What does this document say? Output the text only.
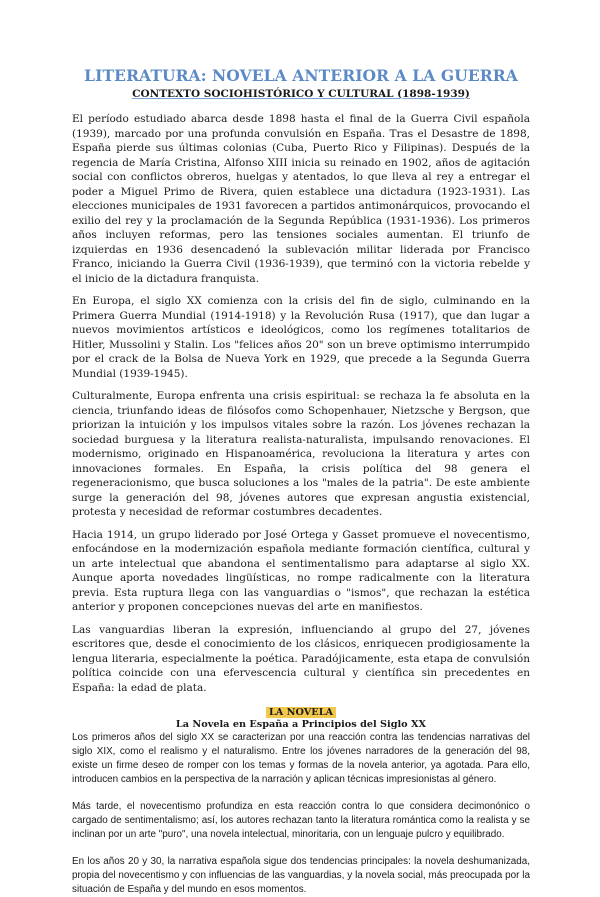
LITERATURA: NOVELA ANTERIOR A LA GUERRA
CONTEXTO SOCIOHISTÓRICO Y CULTURAL (1898-1939)

El período estudiado abarca desde 1898 hasta el final de la Guerra Civil española (1939), marcado por una profunda convulsión en España. Tras el Desastre de 1898, España pierde sus últimas colonias (Cuba, Puerto Rico y Filipinas). Después de la regencia de María Cristina, Alfonso XIII inicia su reinado en 1902, años de agitación social con conflictos obreros, huelgas y atentados, lo que lleva al rey a entregar el poder a Miguel Primo de Rivera, quien establece una dictadura (1923-1931). Las elecciones municipales de 1931 favorecen a partidos antimonárquicos, provocando el exilio del rey y la proclamación de la Segunda República (1931-1936). Los primeros años incluyen reformas, pero las tensiones sociales aumentan. El triunfo de izquierdas en 1936 desencadenó la sublevación militar liderada por Francisco Franco, iniciando la Guerra Civil (1936-1939), que terminó con la victoria rebelde y el inicio de la dictadura franquista.

En Europa, el siglo XX comienza con la crisis del fin de siglo, culminando en la Primera Guerra Mundial (1914-1918) y la Revolución Rusa (1917), que dan lugar a nuevos movimientos artísticos e ideológicos, como los regímenes totalitarios de Hitler, Mussolini y Stalin. Los "felices años 20" son un breve optimismo interrumpido por el crack de la Bolsa de Nueva York en 1929, que precede a la Segunda Guerra Mundial (1939-1945).

Culturalmente, Europa enfrenta una crisis espiritual: se rechaza la fe absoluta en la ciencia, triunfando ideas de filósofos como Schopenhauer, Nietzsche y Bergson, que priorizan la intuición y los impulsos vitales sobre la razón. Los jóvenes rechazan la sociedad burguesa y la literatura realista-naturalista, impulsando renovaciones. El modernismo, originado en Hispanoamérica, revoluciona la literatura y artes con innovaciones formales. En España, la crisis política del 98 genera el regeneracionismo, que busca soluciones a los "males de la patria". De este ambiente surge la generación del 98, jóvenes autores que expresan angustia existencial, protesta y necesidad de reformar costumbres decadentes.

Hacia 1914, un grupo liderado por José Ortega y Gasset promueve el novecentismo, enfocándose en la modernización española mediante formación científica, cultural y un arte intelectual que abandona el sentimentalismo para adaptarse al siglo XX. Aunque aporta novedades lingüísticas, no rompe radicalmente con la literatura previa. Esta ruptura llega con las vanguardias o "ismos", que rechazan la estética anterior y proponen concepciones nuevas del arte en manifiestos.

Las vanguardias liberan la expresión, influenciando al grupo del 27, jóvenes escritores que, desde el conocimiento de los clásicos, enriquecen prodigiosamente la lengua literaria, especialmente la poética. Paradójicamente, esta etapa de convulsión política coincide con una efervescencia cultural y científica sin precedentes en España: la edad de plata.

LA NOVELA
La Novela en España a Principios del Siglo XX

Los primeros años del siglo XX se caracterizan por una reacción contra las tendencias narrativas del siglo XIX, como el realismo y el naturalismo. Entre los jóvenes narradores de la generación del 98, existe un firme deseo de romper con los temas y formas de la novela anterior, ya agotada. Para ello, introducen cambios en la perspectiva de la narración y aplican técnicas impresionistas al género.

Más tarde, el novecentismo profundiza en esta reacción contra lo que considera decimonónico o cargado de sentimentalismo; así, los autores rechazan tanto la literatura romántica como la realista y se inclinan por un arte "puro", una novela intelectual, minoritaria, con un lenguaje pulcro y equilibrado.

En los años 20 y 30, la narrativa española sigue dos tendencias principales: la novela deshumanizada, propia del novecentismo y con influencias de las vanguardias, y la novela social, más preocupada por la situación de España y del mundo en esos momentos.
